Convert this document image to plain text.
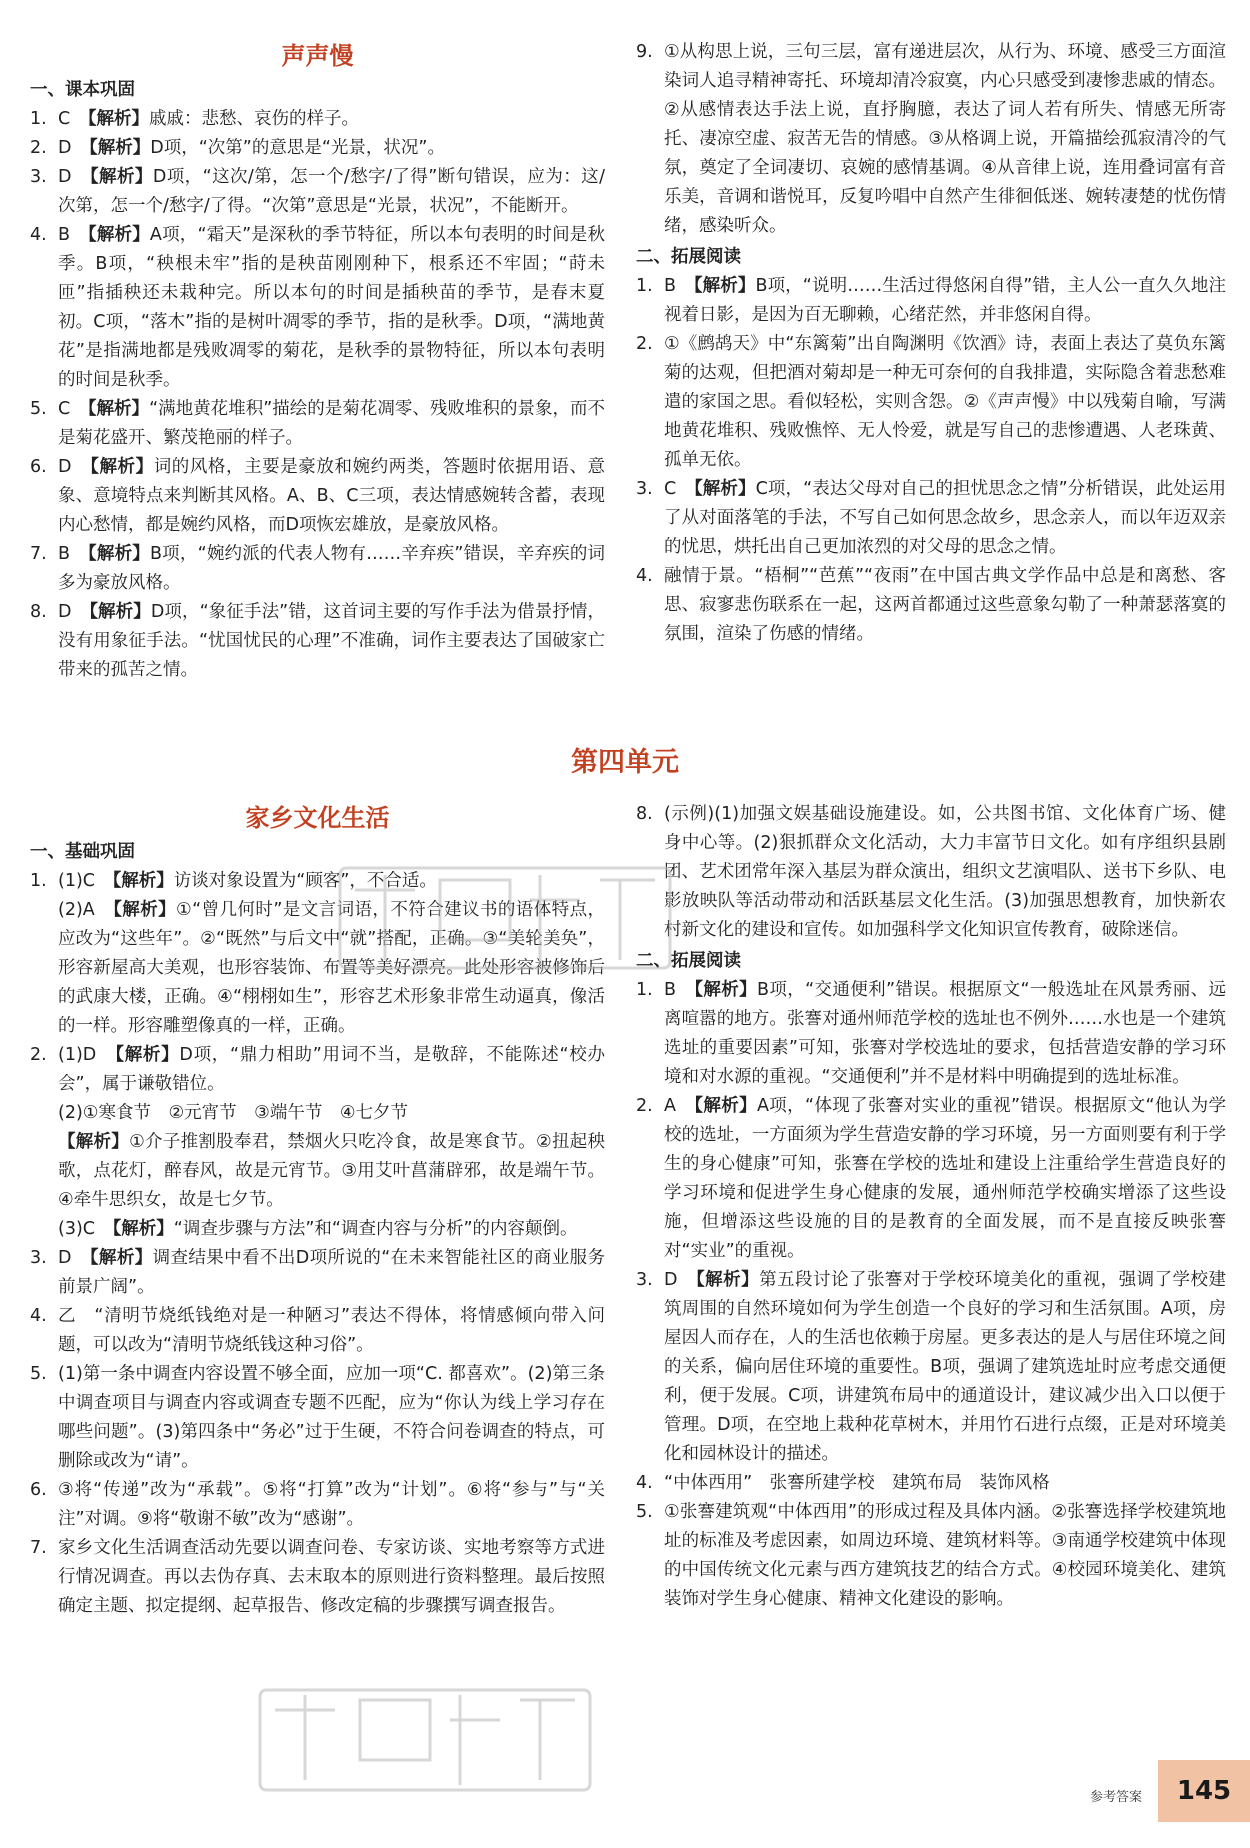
声声慢
一、课本巩固

1. C　 【解析】戚戚：悲愁、哀伤的样子。

2. D　 【解析】D项，“次第”的意思是“光景，状况”。

3. D　 【解析】D项，“这次/第，怎一个/愁字/了得”断句错误，应为：这/次第，怎一个/愁字/了得。“次第”意思是“光景，状况”，不能断开。

4. B　 【解析】A项，“霜天”是深秋的季节特征，所以本句表明的时间是秋季。B项，“秧根未牢”指的是秧苗刚刚种下，根系还不牢固；“莳未匝”指插秧还未栽种完。所以本句的时间是插秧苗的季节，是春末夏初。C项，“落木”指的是树叶凋零的季节，指的是秋季。D项，“满地黄花”是指满地都是残败凋零的菊花，是秋季的景物特征，所以本句表明的时间是秋季。

5. C　 【解析】“满地黄花堆积”描绘的是菊花凋零、残败堆积的景象，而不是菊花盛开、繁茂艳丽的样子。

6. D　 【解析】词的风格，主要是豪放和婉约两类，答题时依据用语、意象、意境特点来判断其风格。A、B、C三项，表达情感婉转含蓄，表现内心愁情，都是婉约风格，而D项恢宏雄放，是豪放风格。

7. B　 【解析】B项，“婉约派的代表人物有……辛弃疾”错误，辛弃疾的词多为豪放风格。

8. D　 【解析】D项，“象征手法”错，这首词主要的写作手法为借景抒情，没有用象征手法。“忧国忧民的心理”不准确，词作主要表达了国破家亡带来的孤苦之情。

9. ①从构思上说，三句三层，富有递进层次，从行为、环境、感受三方面渲染词人追寻精神寄托、环境却清冷寂寞，内心只感受到凄惨悲戚的情态。②从感情表达手法上说，直抒胸臆，表达了词人若有所失、情感无所寄托、凄凉空虚、寂苦无告的情感。③从格调上说，开篇描绘孤寂清冷的气氛，奠定了全词凄切、哀婉的感情基调。④从音律上说，连用叠词富有音乐美，音调和谐悦耳，反复吟唱中自然产生徘徊低迷、婉转凄楚的忧伤情绪，感染听众。

二、拓展阅读

1. B　 【解析】B项，“说明……生活过得悠闲自得”错，主人公一直久久地注视着日影，是因为百无聊赖，心绪茫然，并非悠闲自得。

2. ①《鹧鸪天》中“东篱菊”出自陶渊明《饮酒》诗，表面上表达了莫负东篱菊的达观，但把酒对菊却是一种无可奈何的自我排遣，实际隐含着悲愁难遣的家国之思。看似轻松，实则含怨。②《声声慢》中以残菊自喻，写满地黄花堆积、残败憔悴、无人怜爱，就是写自己的悲惨遭遇、人老珠黄、孤单无依。

3. C　 【解析】C项，“表达父母对自己的担忧思念之情”分析错误，此处运用了从对面落笔的手法，不写自己如何思念故乡，思念亲人，而以年迈双亲的忧思，烘托出自己更加浓烈的对父母的思念之情。

4. 融情于景。“梧桐”“芭蕉”“夜雨”在中国古典文学作品中总是和离愁、客思、寂寥悲伤联系在一起，这两首都通过这些意象勾勒了一种萧瑟落寞的氛围，渲染了伤感的情绪。

第四单元
家乡文化生活
一、基础巩固
1. (1)C　 【解析】访谈对象设置为“顾客”，不合适。

(2)A　 【解析】①“曾几何时”是文言词语，不符合建议书的语体特点，应改为“这些年”。②“既然”与后文中“就”搭配，正确。③“美轮美奂”，形容新屋高大美观，也形容装饰、布置等美好漂亮。此处形容被修饰后的武康大楼，正确。④“栩栩如生”，形容艺术形象非常生动逼真，像活的一样。形容雕塑像真的一样，正确。

2. (1)D　 【解析】D项，“鼎力相助”用词不当，是敬辞，不能陈述“校办会”，属于谦敬错位。

(2)①寒食节　②元宵节　③端午节　④七夕节

【解析】①介子推割股奉君，禁烟火只吃冷食，故是寒食节。②扭起秧歌，点花灯，醉春风，故是元宵节。③用艾叶菖蒲辟邪，故是端午节。④牵牛思织女，故是七夕节。

(3)C　 【解析】“调查步骤与方法”和“调查内容与分析”的内容颠倒。

3. D　 【解析】调查结果中看不出D项所说的“在未来智能社区的商业服务前景广阔”。

4. 乙　“清明节烧纸钱绝对是一种陋习”表达不得体，将情感倾向带入问题，可以改为“清明节烧纸钱这种习俗”。

5. (1)第一条中调查内容设置不够全面，应加一项“C. 都喜欢”。(2)第三条中调查项目与调查内容或调查专题不匹配，应为“你认为线上学习存在哪些问题”。(3)第四条中“务必”过于生硬，不符合问卷调查的特点，可删除或改为“请”。

6. ③将“传递”改为“承载”。⑤将“打算”改为“计划”。⑥将“参与”与“关注”对调。⑨将“敬谢不敏”改为“感谢”。

7. 家乡文化生活调查活动先要以调查问卷、专家访谈、实地考察等方式进行情况调查。再以去伪存真、去末取本的原则进行资料整理。最后按照确定主题、拟定提纲、起草报告、修改定稿的步骤撰写调查报告。

8. (示例)(1)加强文娱基础设施建设。如，公共图书馆、文化体育广场、健身中心等。(2)狠抓群众文化活动，大力丰富节日文化。如有序组织县剧团、艺术团常年深入基层为群众演出，组织文艺演唱队、送书下乡队、电影放映队等活动带动和活跃基层文化生活。(3)加强思想教育，加快新农村新文化的建设和宣传。如加强科学文化知识宣传教育，破除迷信。

二、拓展阅读

1. B　 【解析】B项，“交通便利”错误。根据原文“一般选址在风景秀丽、远离喧嚣的地方。张謇对通州师范学校的选址也不例外……水也是一个建筑选址的重要因素”可知，张謇对学校选址的要求，包括营造安静的学习环境和对水源的重视。“交通便利”并不是材料中明确提到的选址标准。

2. A　 【解析】A项，“体现了张謇对实业的重视”错误。根据原文“他认为学校的选址，一方面须为学生营造安静的学习环境，另一方面则要有利于学生的身心健康”可知，张謇在学校的选址和建设上注重给学生营造良好的学习环境和促进学生身心健康的发展，通州师范学校确实增添了这些设施，但增添这些设施的目的是教育的全面发展，而不是直接反映张謇对“实业”的重视。

3. D　 【解析】第五段讨论了张謇对于学校环境美化的重视，强调了学校建筑周围的自然环境如何为学生创造一个良好的学习和生活氛围。A项，房屋因人而存在，人的生活也依赖于房屋。更多表达的是人与居住环境之间的关系，偏向居住环境的重要性。B项，强调了建筑选址时应考虑交通便利，便于发展。C项，讲建筑布局中的通道设计，建议减少出入口以便于管理。D项，在空地上栽种花草树木，并用竹石进行点缀，正是对环境美化和园林设计的描述。

4. “中体西用”　张謇所建学校　建筑布局　装饰风格

5. ①张謇建筑观“中体西用”的形成过程及具体内涵。②张謇选择学校建筑地址的标准及考虑因素，如周边环境、建筑材料等。③南通学校建筑中体现的中国传统文化元素与西方建筑技艺的结合方式。④校园环境美化、建筑装饰对学生身心健康、精神文化建设的影响。

参考答案	145
